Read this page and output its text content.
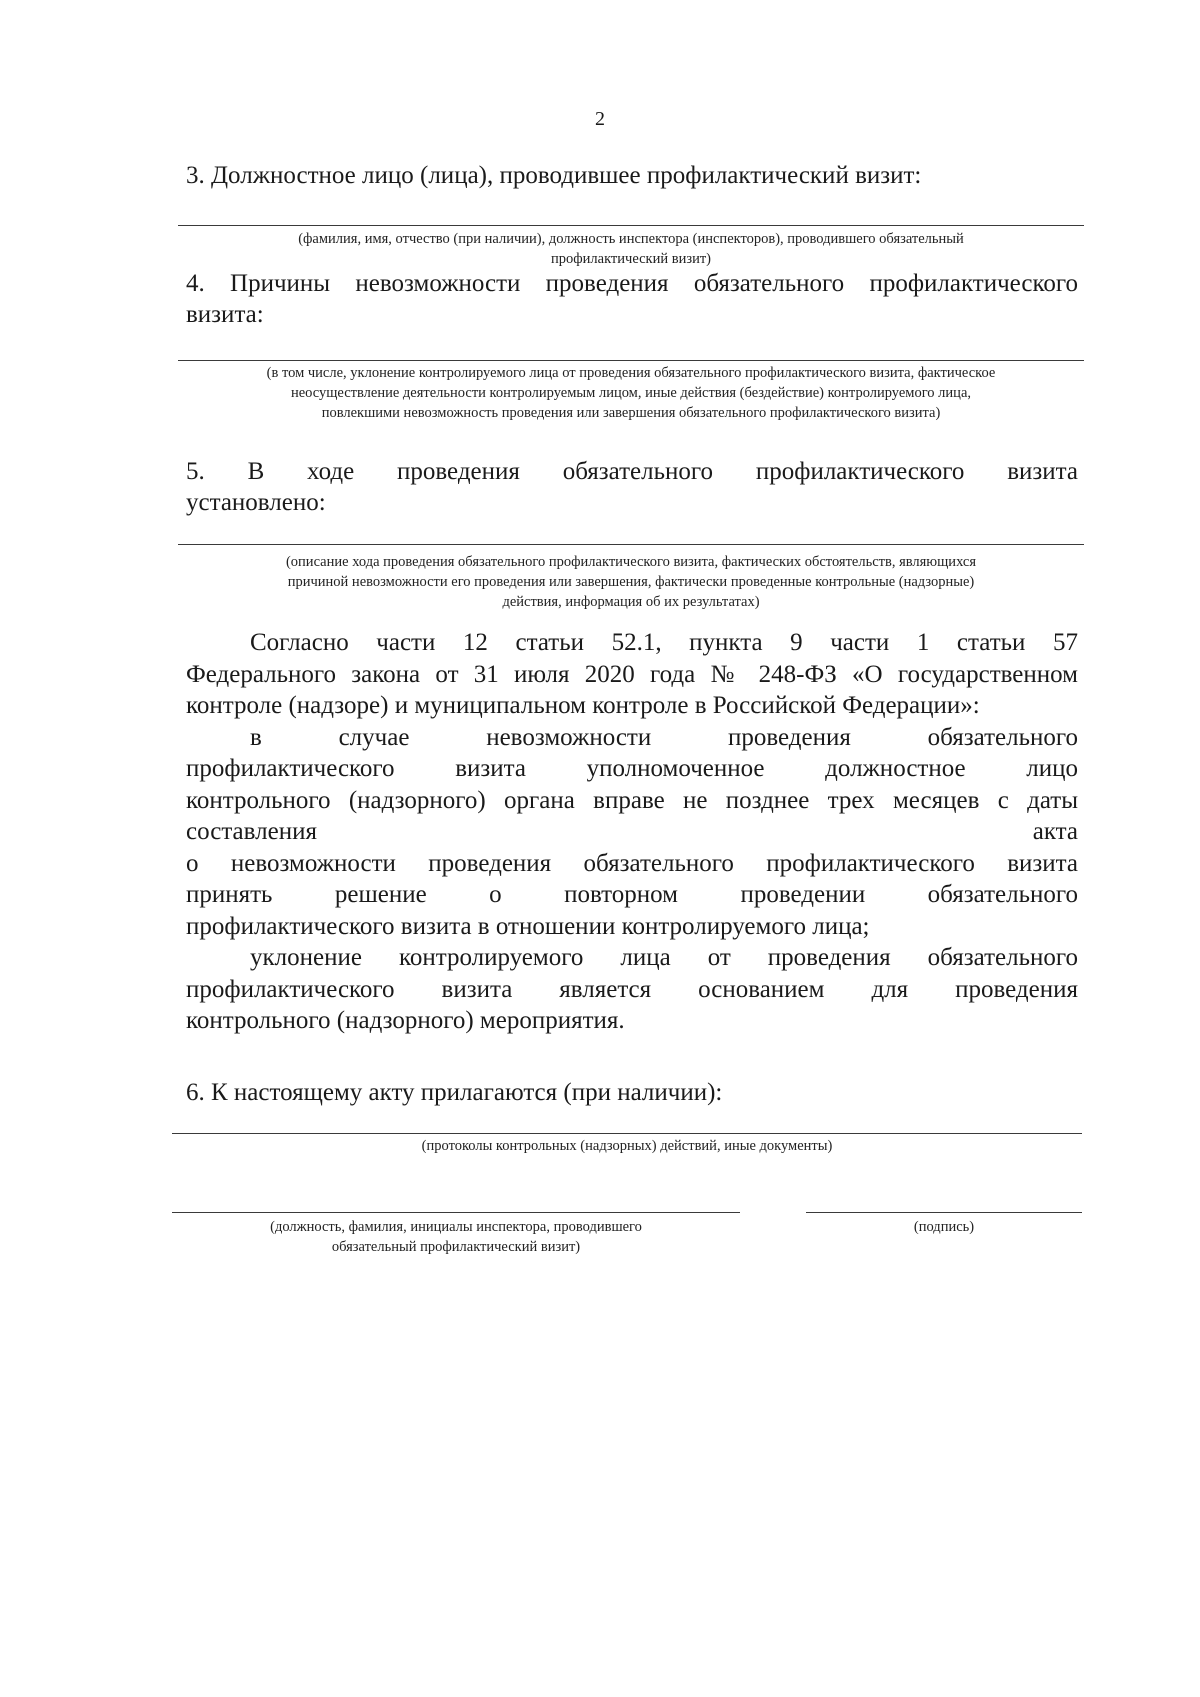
2
3. Должностное лицо (лица), проводившее профилактический визит:
(фамилия, имя, отчество (при наличии), должность инспектора (инспекторов), проводившего обязательный
профилактический визит)
4. Причины невозможности проведения обязательного профилактического
визита:
(в том числе, уклонение контролируемого лица от проведения обязательного профилактического визита, фактическое
неосуществление деятельности контролируемым лицом, иные действия (бездействие) контролируемого лица,
повлекшими невозможность проведения или завершения обязательного профилактического визита)
5. В ходе проведения обязательного профилактического визита
установлено:
(описание хода проведения обязательного профилактического визита, фактических обстоятельств, являющихся
причиной невозможности его проведения или завершения, фактически проведенные контрольные (надзорные)
действия, информация об их результатах)
Согласно части 12 статьи 52.1, пункта 9 части 1 статьи 57
Федерального закона от 31 июля 2020 года № 248-ФЗ «О государственном
контроле (надзоре) и муниципальном контроле в Российской Федерации»:
в случае невозможности проведения обязательного
профилактического визита уполномоченное должностное лицо
контрольного (надзорного) органа вправе не позднее трех месяцев с даты
составления акта
о невозможности проведения обязательного профилактического визита
принять решение о повторном проведении обязательного
профилактического визита в отношении контролируемого лица;
уклонение контролируемого лица от проведения обязательного
профилактического визита является основанием для проведения
контрольного (надзорного) мероприятия.
6. К настоящему акту прилагаются (при наличии):
(протоколы контрольных (надзорных) действий, иные документы)
(должность, фамилия, инициалы инспектора, проводившего
обязательный профилактический визит)
(подпись)
